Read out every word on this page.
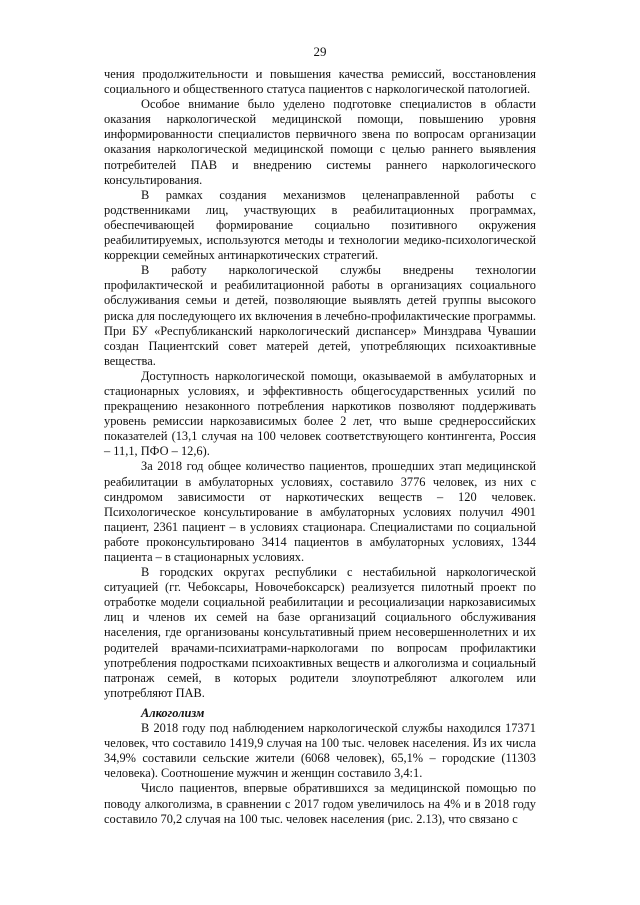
29

чения продолжительности и повышения качества ремиссий, восстановления социального и общественного статуса пациентов с наркологической патологией.

Особое внимание было уделено подготовке специалистов в области оказания наркологической медицинской помощи, повышению уровня информированности специалистов первичного звена по вопросам организации оказания наркологической медицинской помощи с целью раннего выявления потребителей ПАВ и внедрению системы раннего наркологического консультирования.

В рамках создания механизмов целенаправленной работы с родственниками лиц, участвующих в реабилитационных программах, обеспечивающей формирование социально позитивного окружения реабилитируемых, используются методы и технологии медико-психологической коррекции семейных антинаркотических стратегий.

В работу наркологической службы внедрены технологии профилактической и реабилитационной работы в организациях социального обслуживания семьи и детей, позволяющие выявлять детей группы высокого риска для последующего их включения в лечебно-профилактические программы. При БУ «Республиканский наркологический диспансер» Минздрава Чувашии создан Пациентский совет матерей детей, употребляющих психоактивные вещества.

Доступность наркологической помощи, оказываемой в амбулаторных и стационарных условиях, и эффективность общегосударственных усилий по прекращению незаконного потребления наркотиков позволяют поддерживать уровень ремиссии наркозависимых более 2 лет, что выше среднероссийских показателей (13,1 случая на 100 человек соответствующего контингента, Россия – 11,1, ПФО – 12,6).

За 2018 год общее количество пациентов, прошедших этап медицинской реабилитации в амбулаторных условиях, составило 3776 человек, из них с синдромом зависимости от наркотических веществ – 120 человек. Психологическое консультирование в амбулаторных условиях получил 4901 пациент, 2361 пациент – в условиях стационара. Специалистами по социальной работе проконсультировано 3414 пациентов в амбулаторных условиях, 1344 пациента – в стационарных условиях.

В городских округах республики с нестабильной наркологической ситуацией (гг. Чебоксары, Новочебоксарск) реализуется пилотный проект по отработке модели социальной реабилитации и ресоциализации наркозависимых лиц и членов их семей на базе организаций социального обслуживания населения, где организованы консультативный прием несовершеннолетних и их родителей врачами-психиатрами-наркологами по вопросам профилактики употребления подростками психоактивных веществ и алкоголизма и социальный патронаж семей, в которых родители злоупотребляют алкоголем или употребляют ПАВ.

Алкоголизм

В 2018 году под наблюдением наркологической службы находился 17371 человек, что составило 1419,9 случая на 100 тыс. человек населения. Из их числа 34,9% составили сельские жители (6068 человек), 65,1% – городские (11303 человека). Соотношение мужчин и женщин составило 3,4:1.

Число пациентов, впервые обратившихся за медицинской помощью по поводу алкоголизма, в сравнении с 2017 годом увеличилось на 4% и в 2018 году составило 70,2 случая на 100 тыс. человек населения (рис. 2.13), что связано с
